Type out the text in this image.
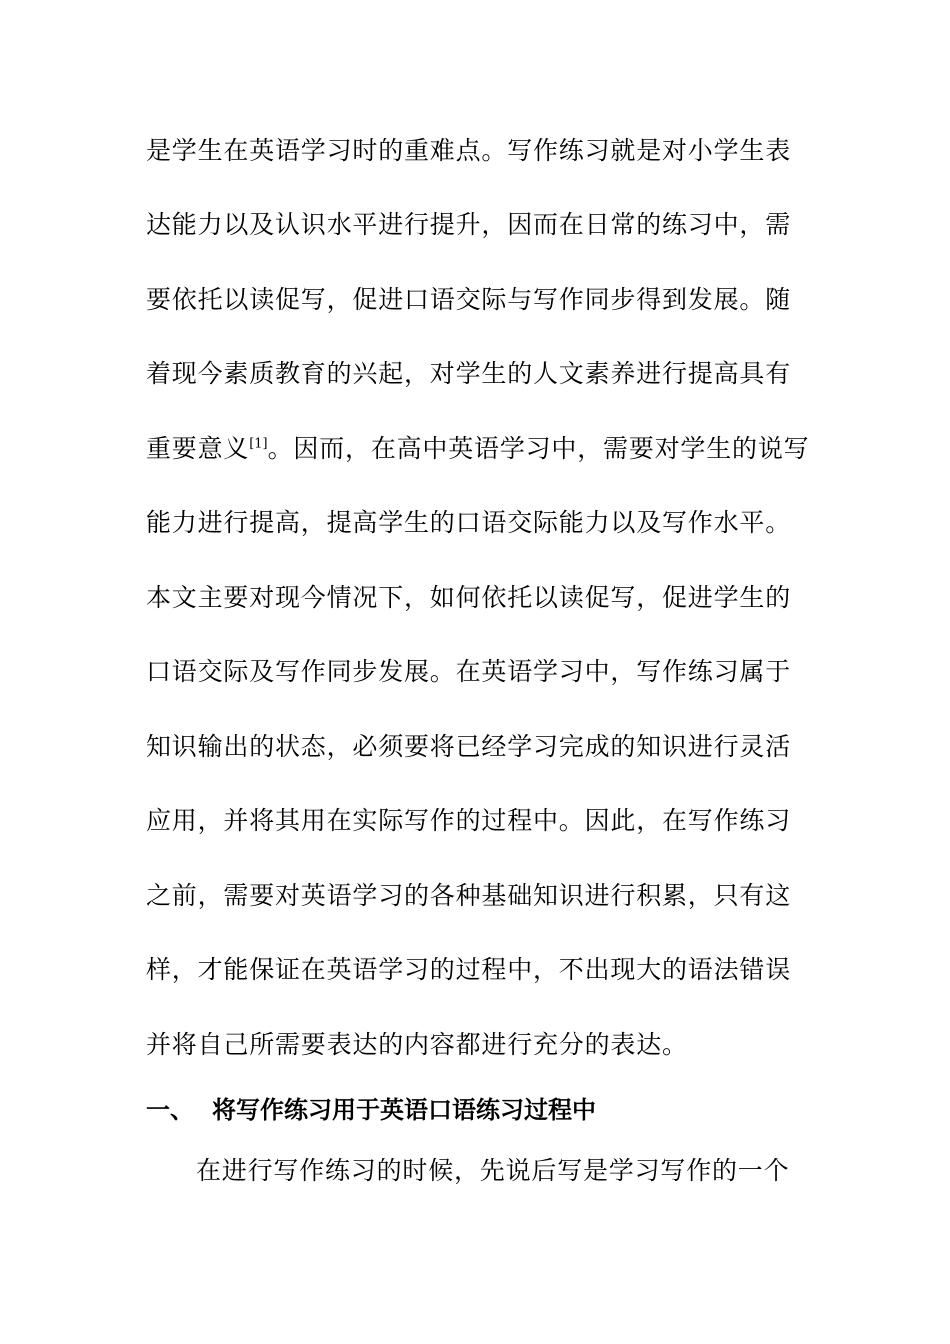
是学生在英语学习时的重难点。写作练习就是对小学生表
达能力以及认识水平进行提升，因而在日常的练习中，需
要依托以读促写，促进口语交际与写作同步得到发展。随
着现今素质教育的兴起，对学生的人文素养进行提高具有
重要意义[1]。因而，在高中英语学习中，需要对学生的说写
能力进行提高，提高学生的口语交际能力以及写作水平。
本文主要对现今情况下，如何依托以读促写，促进学生的
口语交际及写作同步发展。在英语学习中，写作练习属于
知识输出的状态，必须要将已经学习完成的知识进行灵活
应用，并将其用在实际写作的过程中。因此，在写作练习
之前，需要对英语学习的各种基础知识进行积累，只有这
样，才能保证在英语学习的过程中，不出现大的语法错误
并将自己所需要表达的内容都进行充分的表达。
一、 将写作练习用于英语口语练习过程中
在进行写作练习的时候，先说后写是学习写作的一个
